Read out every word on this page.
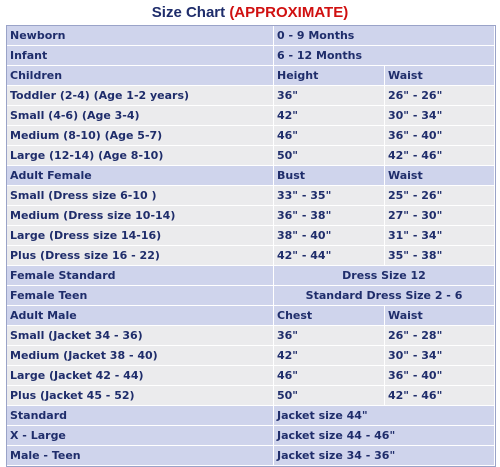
Size Chart (APPROXIMATE)
Newborn	0 - 9 Months	
Infant	6 - 12 Months	
Children	Height	Waist
Toddler (2-4) (Age 1-2 years)	36"	26" - 26"
Small (4-6) (Age 3-4)	42"	30" - 34"
Medium (8-10) (Age 5-7)	46"	36" - 40"
Large (12-14) (Age 8-10)	50"	42" - 46"
Adult Female	Bust	Waist
Small (Dress size 6-10 )	33" - 35"	25" - 26"
Medium (Dress size 10-14)	36" - 38"	27" - 30"
Large (Dress size 14-16)	38" - 40"	31" - 34"
Plus (Dress size 16 - 22)	42" - 44"	35" - 38"
Female Standard	Dress Size 12	
Female Teen	Standard Dress Size 2 - 6	
Adult Male	Chest	Waist
Small (Jacket 34 - 36)	36"	26" - 28"
Medium (Jacket 38 - 40)	42"	30" - 34"
Large (Jacket 42 - 44)	46"	36" - 40"
Plus (Jacket 45 - 52)	50"	42" - 46"
Standard	Jacket size 44"	
X - Large	Jacket size 44 - 46"	
Male - Teen	Jacket size 34 - 36"	
